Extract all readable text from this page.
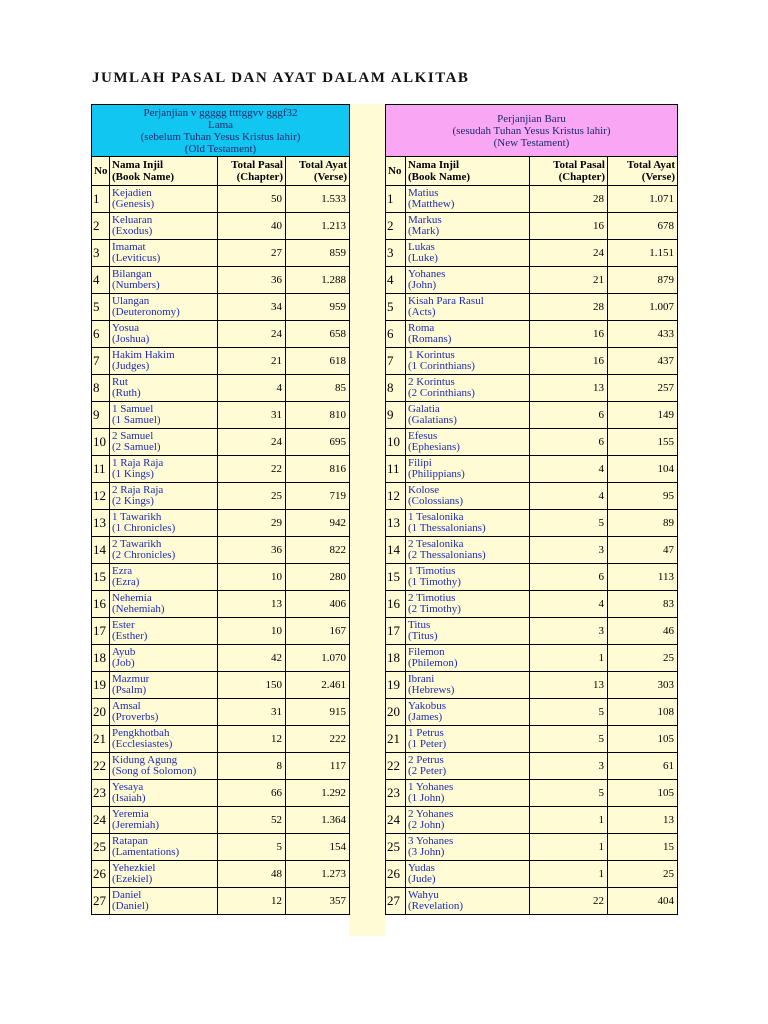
JUMLAH PASAL DAN AYAT DALAM ALKITAB
Perjanjian v ggggg ttttggvv gggf32
Lama
(sebelum Tuhan Yesus Kristus lahir)
(Old Testament)			
No	Nama Injil
(Book Name)	Total Pasal
(Chapter)	Total Ayat
(Verse)
1	Kejadien
(Genesis)	50	1.533
2	Keluaran
(Exodus)	40	1.213
3	Imamat
(Leviticus)	27	859
4	Bilangan
(Numbers)	36	1.288
5	Ulangan
(Deuteronomy)	34	959
6	Yosua
(Joshua)	24	658
7	Hakim Hakim
(Judges)	21	618
8	Rut
(Ruth)	4	85
9	1 Samuel
(1 Samuel)	31	810
10	2 Samuel
(2 Samuel)	24	695
11	1 Raja Raja
(1 Kings)	22	816
12	2 Raja Raja
(2 Kings)	25	719
13	1 Tawarikh
(1 Chronicles)	29	942
14	2 Tawarikh
(2 Chronicles)	36	822
15	Ezra
(Ezra)	10	280
16	Nehemia
(Nehemiah)	13	406
17	Ester
(Esther)	10	167
18	Ayub
(Job)	42	1.070
19	Mazmur
(Psalm)	150	2.461
20	Amsal
(Proverbs)	31	915
21	Pengkhotbah
(Ecclesiastes)	12	222
22	Kidung Agung
(Song of Solomon)	8	117
23	Yesaya
(Isaiah)	66	1.292
24	Yeremia
(Jeremiah)	52	1.364
25	Ratapan
(Lamentations)	5	154
26	Yehezkiel
(Ezekiel)	48	1.273
27	Daniel
(Daniel)	12	357
Perjanjian Baru
(sesudah Tuhan Yesus Kristus lahir)
(New Testament)			
No	Nama Injil
(Book Name)	Total Pasal
(Chapter)	Total Ayat
(Verse)
1	Matius
(Matthew)	28	1.071
2	Markus
(Mark)	16	678
3	Lukas
(Luke)	24	1.151
4	Yohanes
(John)	21	879
5	Kisah Para Rasul
(Acts)	28	1.007
6	Roma
(Romans)	16	433
7	1 Korintus
(1 Corinthians)	16	437
8	2 Korintus
(2 Corinthians)	13	257
9	Galatia
(Galatians)	6	149
10	Efesus
(Ephesians)	6	155
11	Filipi
(Philippians)	4	104
12	Kolose
(Colossians)	4	95
13	1 Tesalonika
(1 Thessalonians)	5	89
14	2 Tesalonika
(2 Thessalonians)	3	47
15	1 Timotius
(1 Timothy)	6	113
16	2 Timotius
(2 Timothy)	4	83
17	Titus
(Titus)	3	46
18	Filemon
(Philemon)	1	25
19	Ibrani
(Hebrews)	13	303
20	Yakobus
(James)	5	108
21	1 Petrus
(1 Peter)	5	105
22	2 Petrus
(2 Peter)	3	61
23	1 Yohanes
(1 John)	5	105
24	2 Yohanes
(2 John)	1	13
25	3 Yohanes
(3 John)	1	15
26	Yudas
(Jude)	1	25
27	Wahyu
(Revelation)	22	404
